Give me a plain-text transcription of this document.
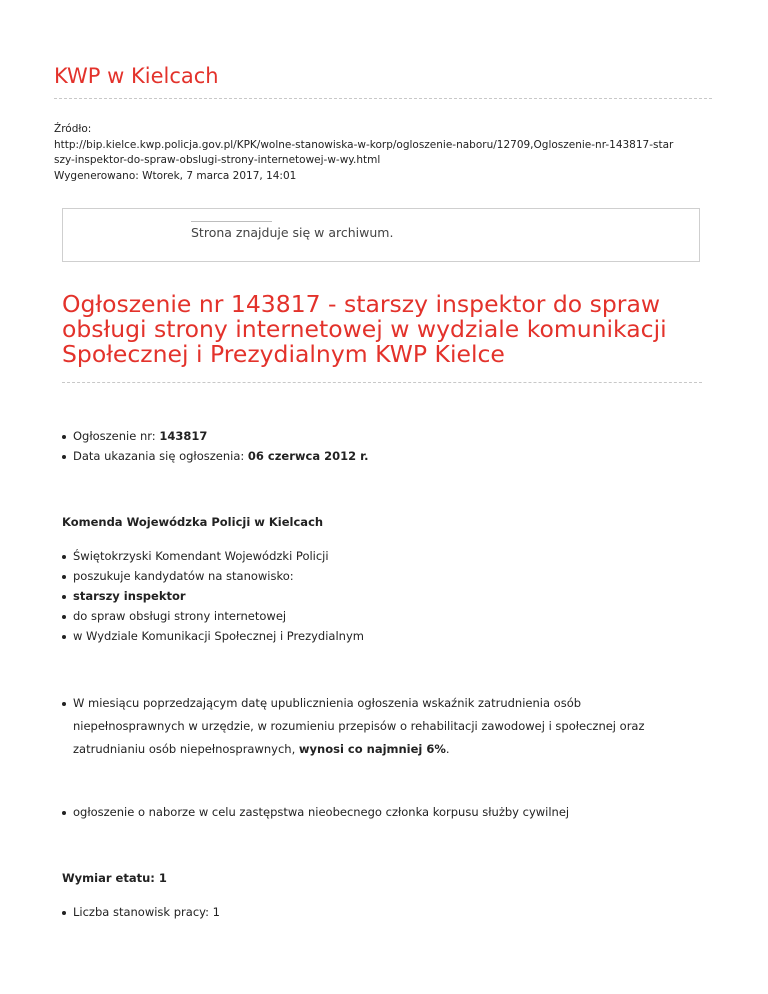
KWP w Kielcach
Źródło:
http://bip.kielce.kwp.policja.gov.pl/KPK/wolne-stanowiska-w-korp/ogloszenie-naboru/12709,Ogloszenie-nr-143817-star
szy-inspektor-do-spraw-obslugi-strony-internetowej-w-wy.html
Wygenerowano: Wtorek, 7 marca 2017, 14:01
Strona znajduje się w archiwum.
Ogłoszenie nr 143817 - starszy inspektor do spraw obsługi strony internetowej w wydziale komunikacji Społecznej i Prezydialnym KWP Kielce
Ogłoszenie nr: 143817
Data ukazania się ogłoszenia: 06 czerwca 2012 r.
Komenda Wojewódzka Policji w Kielcach
Świętokrzyski Komendant Wojewódzki Policji
poszukuje kandydatów na stanowisko:
starszy inspektor
do spraw obsługi strony internetowej
w Wydziale Komunikacji Społecznej i Prezydialnym
W miesiącu poprzedzającym datę upublicznienia ogłoszenia wskaźnik zatrudnienia osób
niepełnosprawnych w urzędzie, w rozumieniu przepisów o rehabilitacji zawodowej i społecznej oraz
zatrudnianiu osób niepełnosprawnych, wynosi co najmniej 6%.
ogłoszenie o naborze w celu zastępstwa nieobecnego członka korpusu służby cywilnej
Wymiar etatu: 1
Liczba stanowisk pracy: 1
